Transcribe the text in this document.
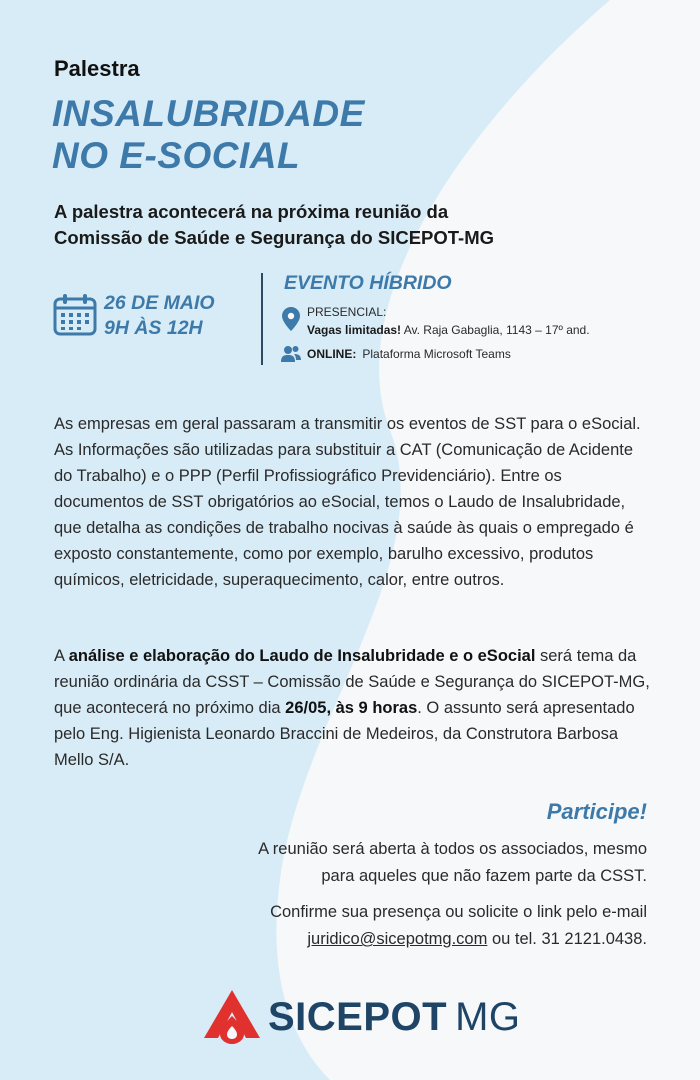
Palestra
INSALUBRIDADE
NO E-SOCIAL
A palestra acontecerá na próxima reunião da
Comissão de Saúde e Segurança do SICEPOT-MG
26 DE MAIO
9H ÀS 12H
EVENTO HÍBRIDO
PRESENCIAL:
Vagas limitadas! Av. Raja Gabaglia, 1143 – 17º and.
ONLINE: Plataforma Microsoft Teams
As empresas em geral passaram a transmitir os eventos de SST para o eSocial. As Informações são utilizadas para substituir a CAT (Comunicação de Acidente do Trabalho) e o PPP (Perfil Profissiográfico Previdenciário). Entre os documentos de SST obrigatórios ao eSocial, temos o Laudo de Insalubridade, que detalha as condições de trabalho nocivas à saúde às quais o empregado é exposto constantemente, como por exemplo, barulho excessivo, produtos químicos, eletricidade, superaquecimento, calor, entre outros.
A análise e elaboração do Laudo de Insalubridade e o eSocial será tema da reunião ordinária da CSST – Comissão de Saúde e Segurança do SICEPOT-MG, que acontecerá no próximo dia 26/05, às 9 horas. O assunto será apresentado pelo Eng. Higienista Leonardo Braccini de Medeiros, da Construtora Barbosa Mello S/A.
Participe!
A reunião será aberta à todos os associados, mesmo
para aqueles que não fazem parte da CSST.
Confirme sua presença ou solicite o link pelo e-mail
juridico@sicepotmg.com ou tel. 31 2121.0438.
SICEPOT MG
